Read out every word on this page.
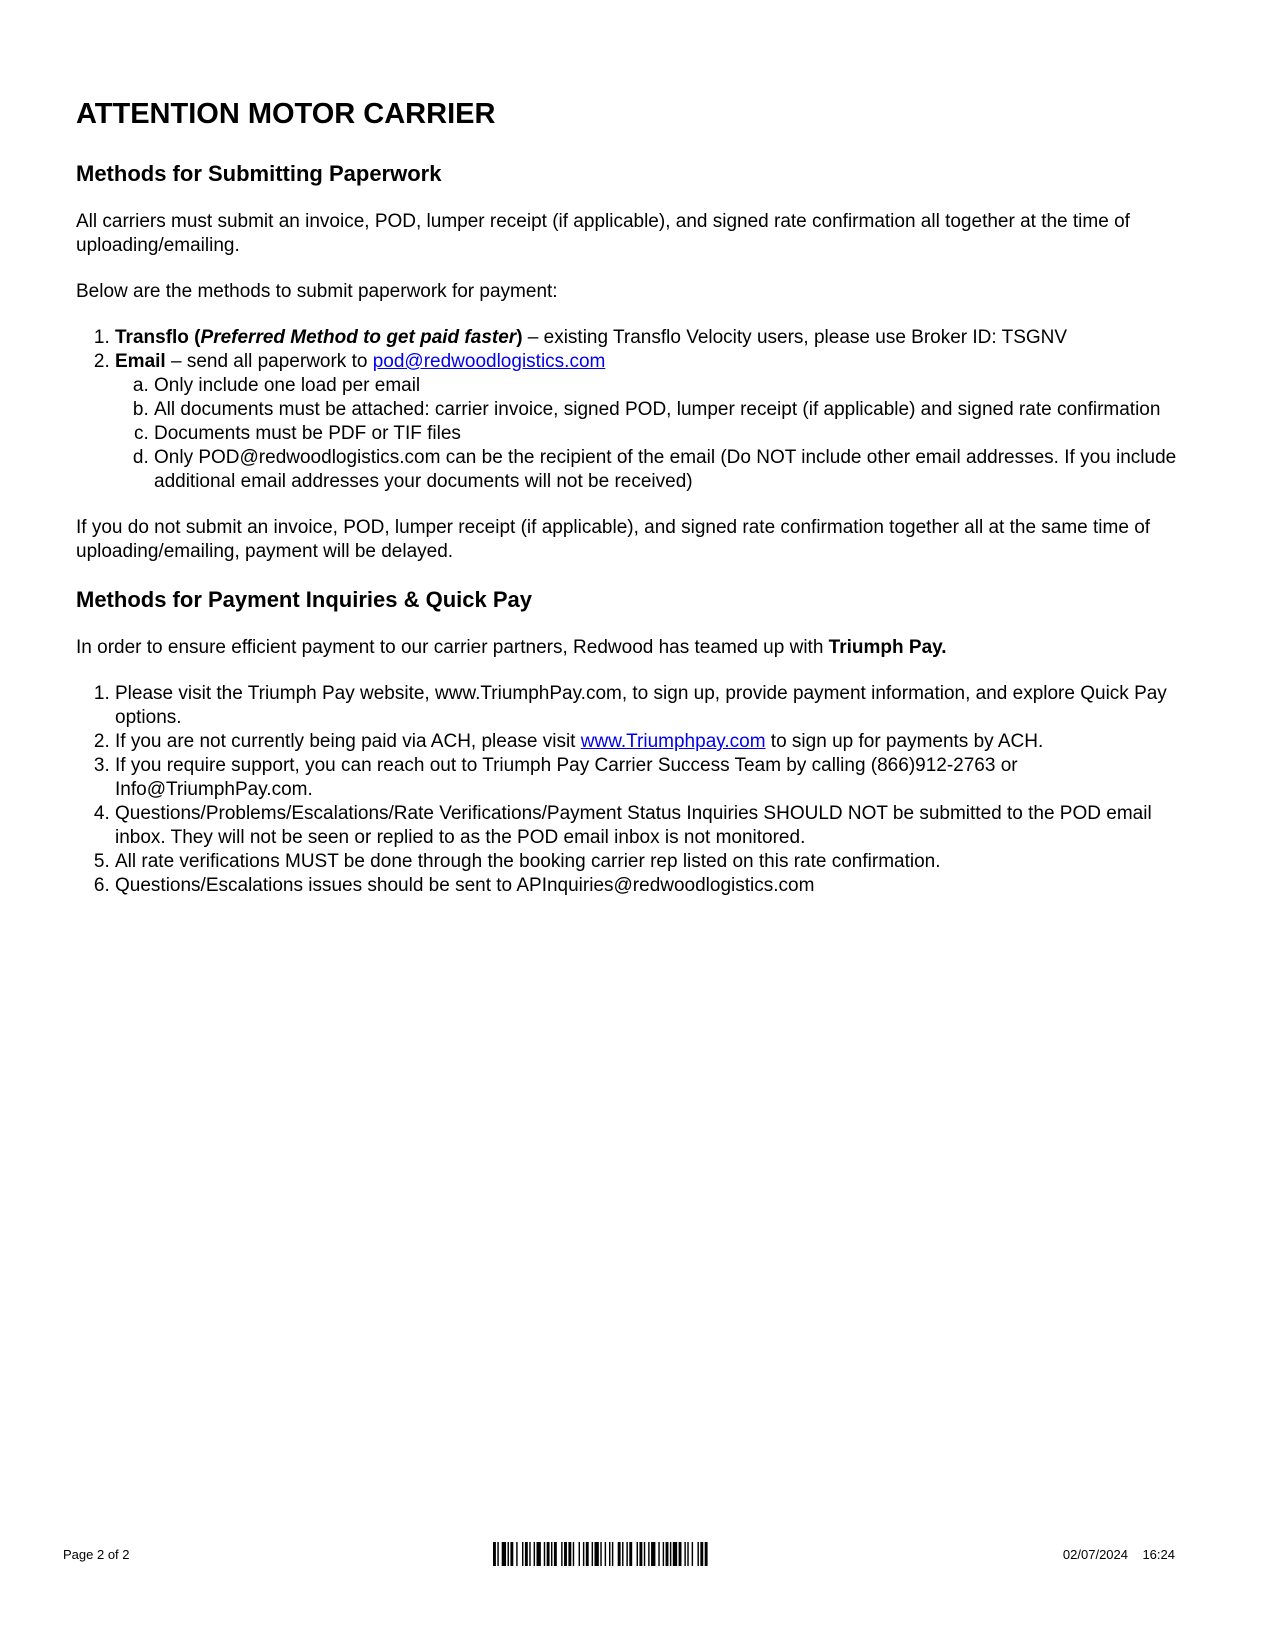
ATTENTION MOTOR CARRIER
Methods for Submitting Paperwork

All carriers must submit an invoice, POD, lumper receipt (if applicable), and signed rate confirmation all together at the time of uploading/emailing.

Below are the methods to submit paperwork for payment:

1. Transflo (Preferred Method to get paid faster) – existing Transflo Velocity users, please use Broker ID: TSGNV
2. Email – send all paperwork to pod@redwoodlogistics.com
a. Only include one load per email
b. All documents must be attached: carrier invoice, signed POD, lumper receipt (if applicable) and signed rate confirmation
c. Documents must be PDF or TIF files
d. Only POD@redwoodlogistics.com can be the recipient of the email (Do NOT include other email addresses. If you include additional email addresses your documents will not be received)

If you do not submit an invoice, POD, lumper receipt (if applicable), and signed rate confirmation together all at the same time of uploading/emailing, payment will be delayed.

Methods for Payment Inquiries & Quick Pay

In order to ensure efficient payment to our carrier partners, Redwood has teamed up with Triumph Pay.

1. Please visit the Triumph Pay website, www.TriumphPay.com, to sign up, provide payment information, and explore Quick Pay options.
2. If you are not currently being paid via ACH, please visit www.Triumphpay.com to sign up for payments by ACH.
3. If you require support, you can reach out to Triumph Pay Carrier Success Team by calling (866)912-2763 or Info@TriumphPay.com.
4. Questions/Problems/Escalations/Rate Verifications/Payment Status Inquiries SHOULD NOT be submitted to the POD email inbox. They will not be seen or replied to as the POD email inbox is not monitored.
5. All rate verifications MUST be done through the booking carrier rep listed on this rate confirmation.
6. Questions/Escalations issues should be sent to APInquiries@redwoodlogistics.com
Page 2 of 2	02/07/2024 16:24
